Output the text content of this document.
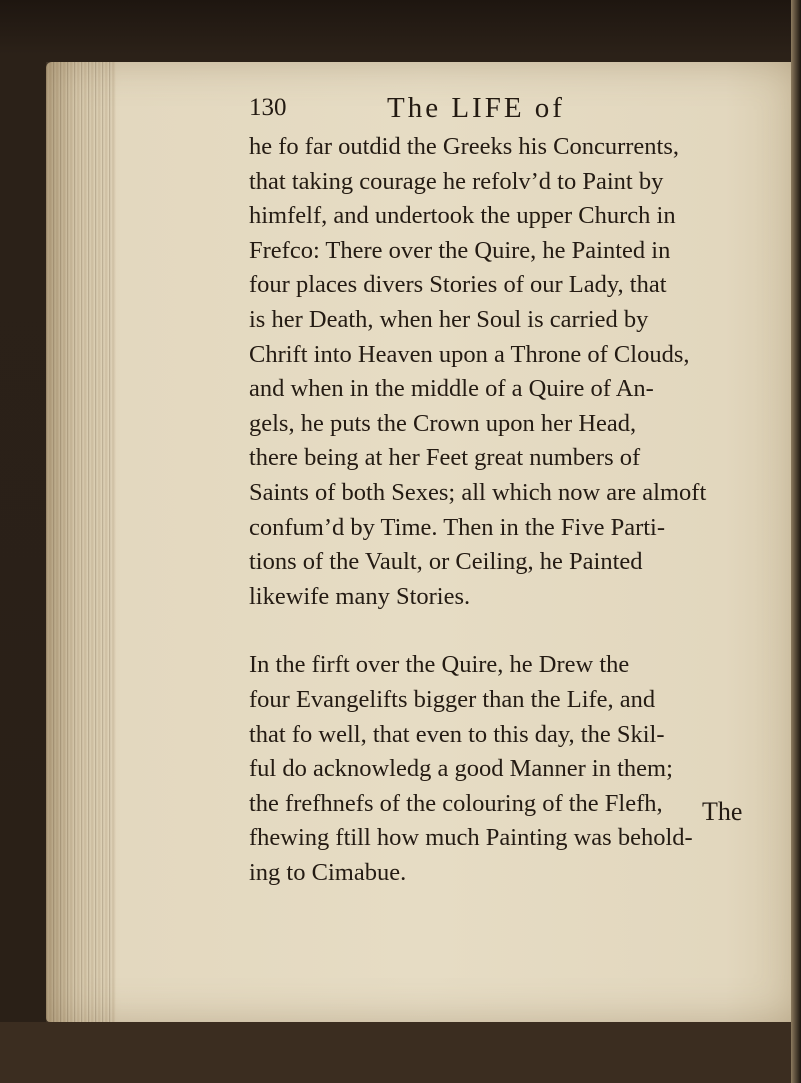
130	The LIFE of
he fo far outdid the Greeks his Concurrents,
that taking courage he refolv’d to Paint by
himfelf, and undertook the upper Church in
Frefco: There over the Quire, he Painted in
four places divers Stories of our Lady, that
is her Death, when her Soul is carried by
Chrift into Heaven upon a Throne of Clouds,
and when in the middle of a Quire of An-
gels, he puts the Crown upon her Head,
there being at her Feet great numbers of
Saints of both Sexes; all which now are almoft
confum’d by Time. Then in the Five Parti-
tions of the Vault, or Ceiling, he Painted
likewife many Stories.
In the firft over the Quire, he Drew the
four Evangelifts bigger than the Life, and
that fo well, that even to this day, the Skil-
ful do acknowledg a good Manner in them;
the frefhnefs of the colouring of the Flefh,
fhewing ftill how much Painting was behold-
ing to Cimabue.
The
